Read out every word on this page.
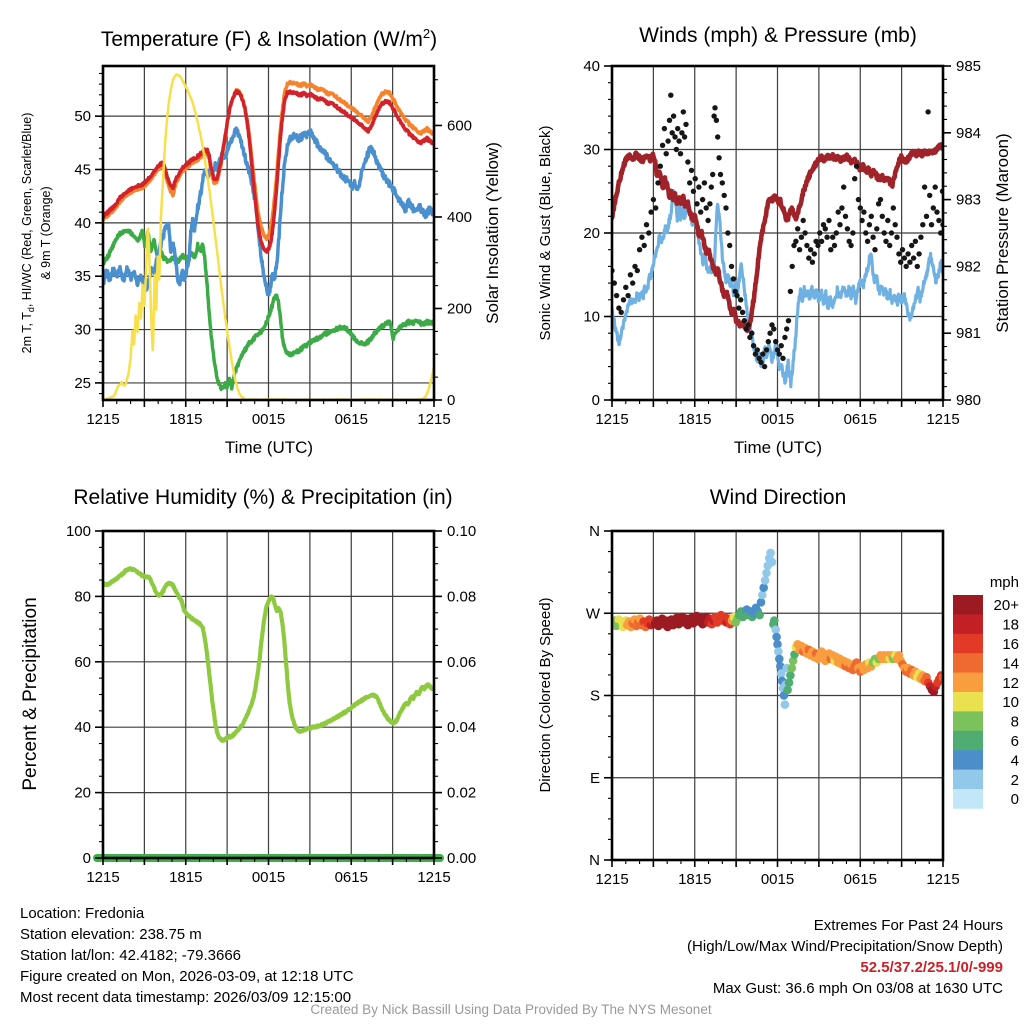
Temperature (F) & Insolation $(W/m^2)$
2m T, $T_d$, HI/WC (Red, Green, Scarlet/Blue) & 9m T (Orange)	Solar Insolation (Yellow)
Time (UTC)
1215	1815	0015	0615	1215
25
30
35
40
45
50
0
200
400
600
Winds (mph) & Pressure (mb)
Sonic Wind & Gust (Blue, Black)	Station Pressure (Maroon)
Time (UTC)
1215	1815	0015	0615	1215
0
10
20
30
40
980
981
982
983
984
985
Relative Humidity (%) & Precipitation (in)
Percent & Precipitation
1215	1815	0015	0615	1215
0
20
40
60
80
100
0.00
0.02
0.04
0.06
0.08
0.10
Wind Direction
Direction (Colored By Speed)
1215	1815	0015	0615	1215
N
E
S
W
N
mph
20+
18
16
14
12
10
8
6
4
2
0
Location: Fredonia
Station elevation: 238.75 m
Station lat/lon: 42.4182; -79.3666
Figure created on Mon, 2026-03-09, at 12:18 UTC
Most recent data timestamp: 2026/03/09 12:15:00
Extremes For Past 24 Hours
(High/Low/Max Wind/Precipitation/Snow Depth)
52.5/37.2/25.1/0/-999
Max Gust: 36.6 mph On 03/08 at 1630 UTC
Created By Nick Bassill Using Data Provided By The NYS Mesonet
